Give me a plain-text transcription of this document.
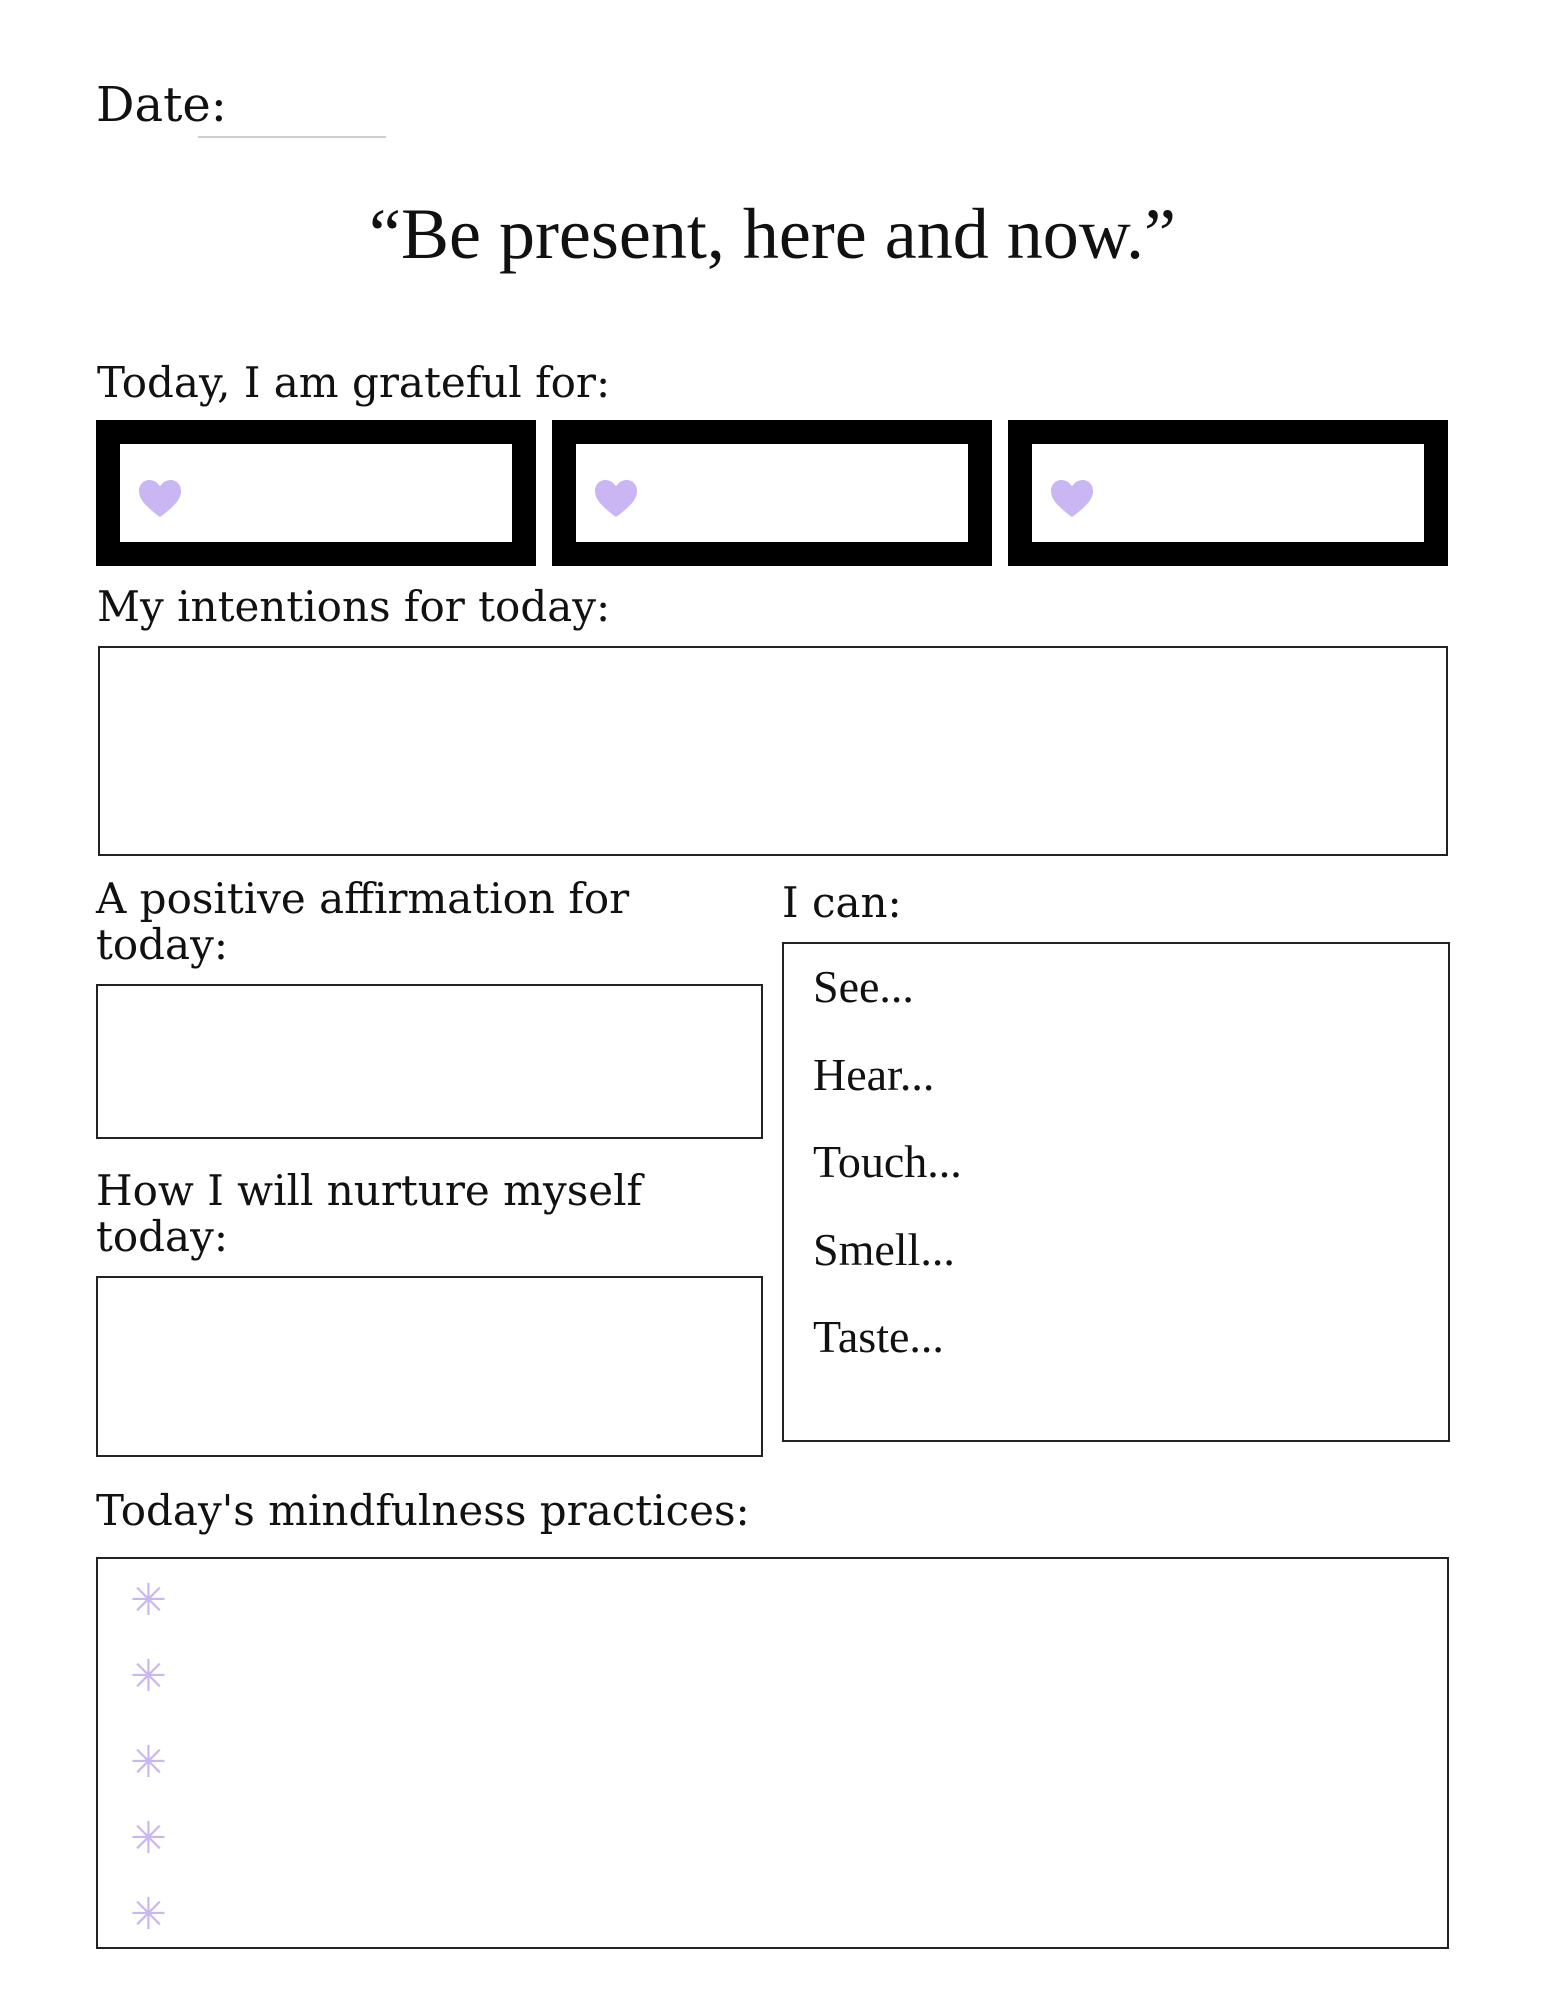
Date:
“Be present, here and now.”
Today, I am grateful for:
My intentions for today:
A positive affirmation for
today:
How I will nurture myself
today:
I can:
See...
Hear...
Touch...
Smell...
Taste...
Today's mindfulness practices:
✳
✳
✳
✳
✳
